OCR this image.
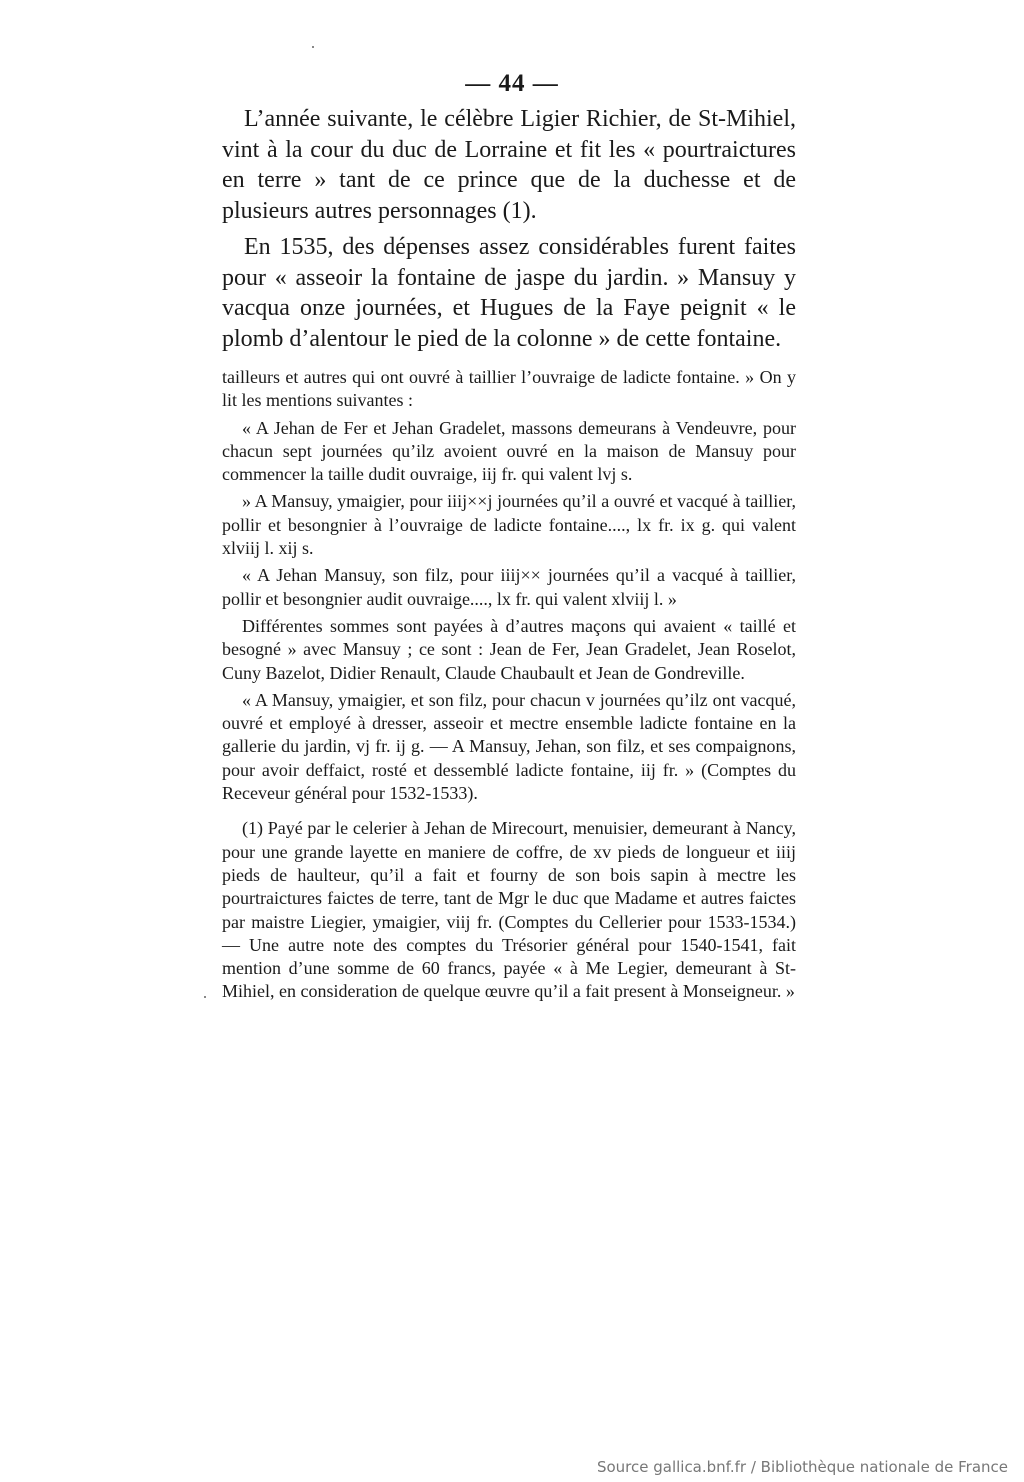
— 44 —

L’année suivante, le célèbre Ligier Richier, de St-Mihiel, vint à la cour du duc de Lorraine et fit les « pourtraictures en terre » tant de ce prince que de la duchesse et de plusieurs autres personnages (1).

En 1535, des dépenses assez considérables furent faites pour « asseoir la fontaine de jaspe du jardin. » Mansuy y vacqua onze journées, et Hugues de la Faye peignit « le plomb d’alentour le pied de la colonne » de cette fontaine.

tailleurs et autres qui ont ouvré à taillier l’ouvraige de ladicte fontaine. » On y lit les mentions suivantes :

« A Jehan de Fer et Jehan Gradelet, massons demeurans à Vendeuvre, pour chacun sept journées qu’ilz avoient ouvré en la maison de Mansuy pour commencer la taille dudit ouvraige, iij fr. qui valent lvj s.

» A Mansuy, ymaigier, pour iiij××j journées qu’il a ouvré et vacqué à taillier, pollir et besongnier à l’ouvraige de ladicte fontaine...., lx fr. ix g. qui valent xlviij l. xij s.

« A Jehan Mansuy, son filz, pour iiij×× journées qu’il a vacqué à taillier, pollir et besongnier audit ouvraige...., lx fr. qui valent xlviij l. »

Différentes sommes sont payées à d’autres maçons qui avaient « taillé et besogné » avec Mansuy ; ce sont : Jean de Fer, Jean Gradelet, Jean Roselot, Cuny Bazelot, Didier Renault, Claude Chaubault et Jean de Gondreville.

« A Mansuy, ymaigier, et son filz, pour chacun v journées qu’ilz ont vacqué, ouvré et employé à dresser, asseoir et mectre ensemble ladicte fontaine en la gallerie du jardin, vj fr. ij g. — A Mansuy, Jehan, son filz, et ses compaignons, pour avoir deffaict, rosté et dessemblé ladicte fontaine, iij fr. » (Comptes du Receveur général pour 1532-1533).

(1) Payé par le celerier à Jehan de Mirecourt, menuisier, demeurant à Nancy, pour une grande layette en maniere de coffre, de xv pieds de longueur et iiij pieds de haulteur, qu’il a fait et fourny de son bois sapin à mectre les pourtraictures faictes de terre, tant de Mgr le duc que Madame et autres faictes par maistre Liegier, ymaigier, viij fr. (Comptes du Cellerier pour 1533-1534.) — Une autre note des comptes du Trésorier général pour 1540-1541, fait mention d’une somme de 60 francs, payée « à Me Legier, demeurant à St-Mihiel, en consideration de quelque œuvre qu’il a fait present à Monseigneur. »

Source gallica.bnf.fr / Bibliothèque nationale de France
